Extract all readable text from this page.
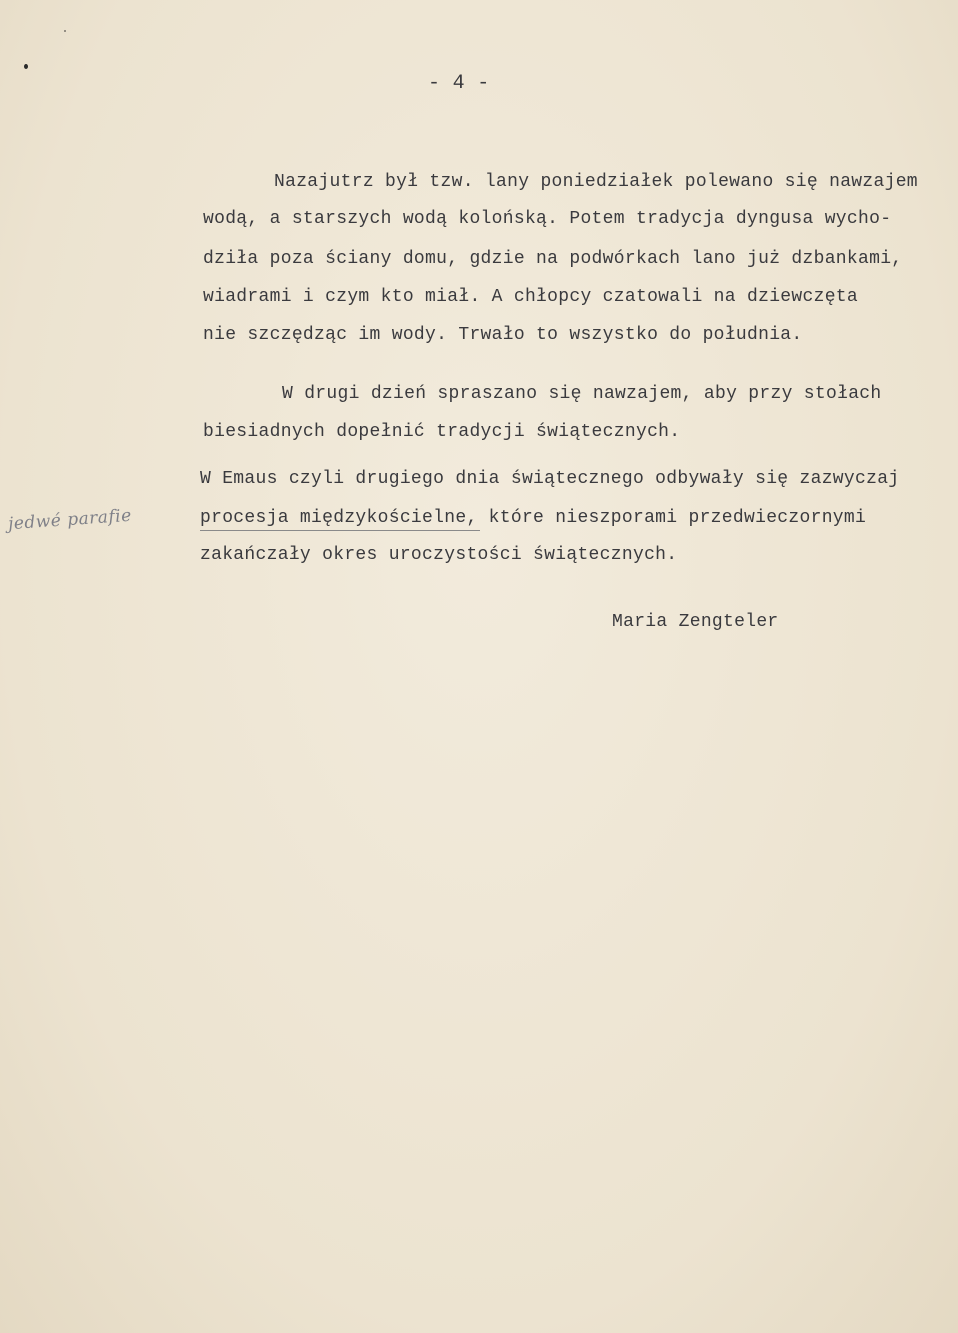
- 4 -
Nazajutrz był tzw. lany poniedziałek polewano się nawzajem
wodą, a starszych wodą kolońską. Potem tradycja dyngusa wycho-
dziła poza ściany domu, gdzie na podwórkach lano już dzbankami,
wiadrami i czym kto miał. A chłopcy czatowali na dziewczęta
nie szczędząc im wody. Trwało to wszystko do południa.
W drugi dzień spraszano się nawzajem, aby przy stołach
biesiadnych dopełnić tradycji świątecznych.
W Emaus czyli drugiego dnia świątecznego odbywały się zazwyczaj
procesja międzykościelne, które nieszporami przedwieczornymi
zakańczały okres uroczystości świątecznych.
jedwé parafie
Maria Zengteler
